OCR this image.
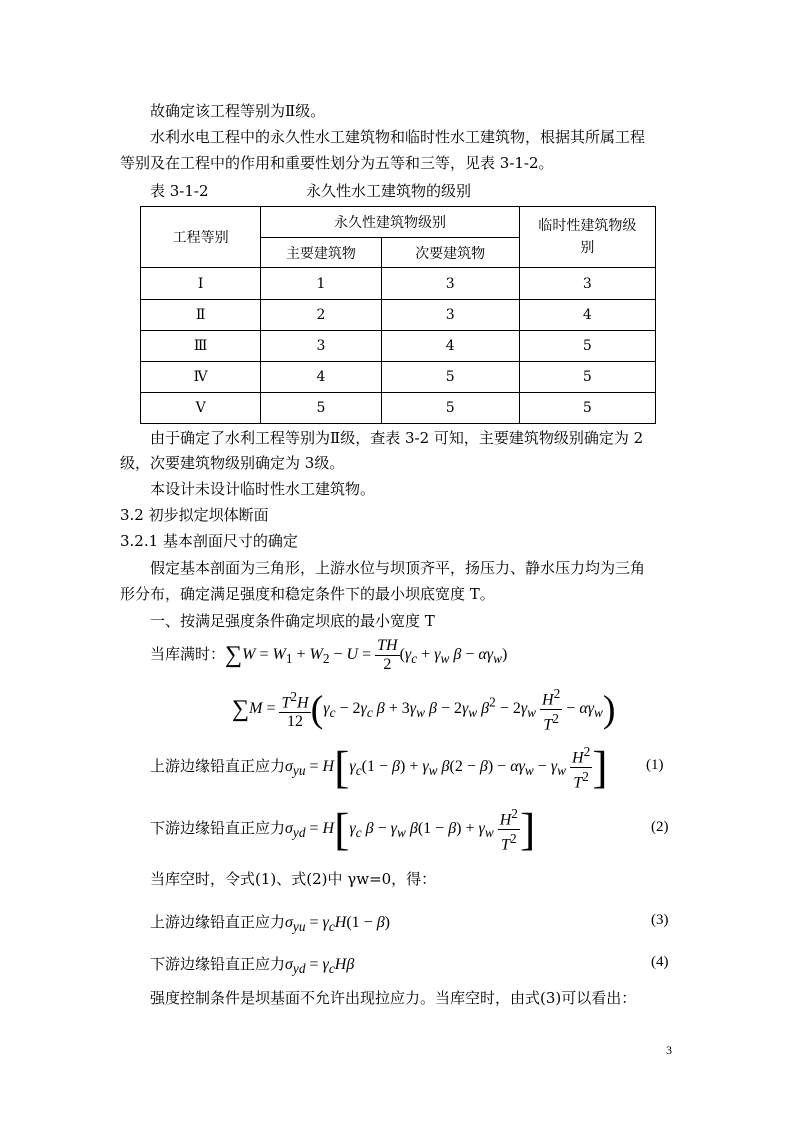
故确定该工程等别为Ⅱ级。
水利水电工程中的永久性水工建筑物和临时性水工建筑物，根据其所属工程
等别及在工程中的作用和重要性划分为五等和三等，见表 3-1-2。
表 3-1-2	永久性水工建筑物的级别
工程等别	永久性建筑物级别		临时性建筑物级
别
	主要建筑物	次要建筑物	
Ⅰ	1	3	3
Ⅱ	2	3	4
Ⅲ	3	4	5
Ⅳ	4	5	5
Ⅴ	5	5	5
由于确定了水利工程等别为Ⅱ级，查表 3-2 可知，主要建筑物级别确定为 2
级，次要建筑物级别确定为 3级。
本设计未设计临时性水工建筑物。
3.2 初步拟定坝体断面
3.2.1 基本剖面尺寸的确定
假定基本剖面为三角形，上游水位与坝顶齐平，扬压力、静水压力均为三角
形分布，确定满足强度和稳定条件下的最小坝底宽度 T。
一、按满足强度条件确定坝底的最小宽度 T
当库满时：$\sum W = W_1 + W_2 - U = \frac{TH}{2} (\gamma_c + \gamma_w$ $\beta - \alpha\gamma_w$)
$\sum M = \frac{T^2H}{12} (\gamma_c - 2\gamma_c$ $\beta + 3\gamma_w$ $\beta - 2\gamma_w$ $\beta^2 - 2\gamma_w \frac{H^2}{T^2} - \alpha\gamma_w$)
上游边缘铅直正应力$\sigma_{yu} = H[\gamma_c(1 - \beta) + \gamma_w$ $\beta(2 - \beta) - \alpha\gamma_w - \gamma_w \frac{H^2}{T^2}$ ]	(1)
下游边缘铅直正应力$\sigma_{yd} = H[\gamma_c$ $\beta - \gamma_w$ $\beta(1 - \beta) + \gamma_w \frac{H^2}{T^2}$ ]	(2)
当库空时，令式(1)、式(2)中 γw=0，得：
上游边缘铅直正应力$\sigma_{yu} = \gamma_cH(1 - \beta)$	(3)
下游边缘铅直正应力$\sigma_{yd} = \gamma_cH\beta$	(4)
强度控制条件是坝基面不允许出现拉应力。当库空时，由式(3)可以看出：
3
